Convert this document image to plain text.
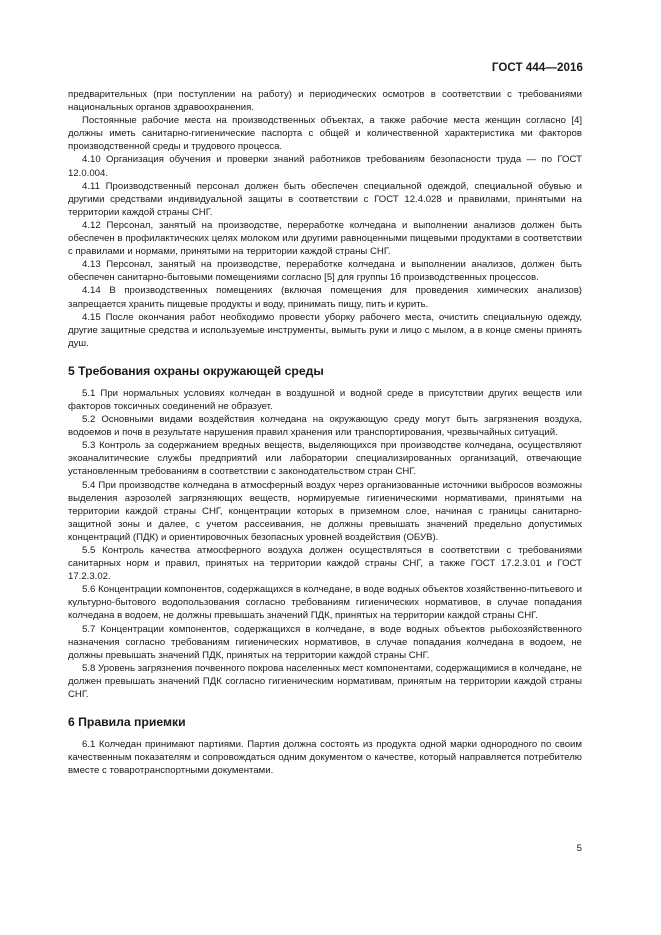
ГОСТ 444—2016

предварительных (при поступлении на работу) и периодических осмотров в соответствии с требованиями национальных органов здравоохранения.

Постоянные рабочие места на производственных объектах, а также рабочие места женщин согласно [4] должны иметь санитарно-гигиенические паспорта с общей и количественной характеристика ми факторов производственной среды и трудового процесса.

4.10 Организация обучения и проверки знаний работников требованиям безопасности труда — по ГОСТ 12.0.004.

4.11 Производственный персонал должен быть обеспечен специальной одеждой, специальной обувью и другими средствами индивидуальной защиты в соответствии с ГОСТ 12.4.028 и правилами, принятыми на территории каждой страны СНГ.

4.12 Персонал, занятый на производстве, переработке колчедана и выполнении анализов должен быть обеспечен в профилактических целях молоком или другими равноценными пищевыми продуктами в соответствии с правилами и нормами, принятыми на территории каждой страны СНГ.

4.13 Персонал, занятый на производстве, переработке колчедана и выполнении анализов, должен быть обеспечен санитарно-бытовыми помещениями согласно [5] для группы 1б производственных процессов.

4.14 В производственных помещениях (включая помещения для проведения химических анализов) запрещается хранить пищевые продукты и воду, принимать пищу, пить и курить.

4.15 После окончания работ необходимо провести уборку рабочего места, очистить специальную одежду, другие защитные средства и используемые инструменты, вымыть руки и лицо с мылом, а в конце смены принять душ.

5 Требования охраны окружающей среды

5.1 При нормальных условиях колчедан в воздушной и водной среде в присутствии других веществ или факторов токсичных соединений не образует.

5.2 Основными видами воздействия колчедана на окружающую среду могут быть загрязнения воздуха, водоемов и почв в результате нарушения правил хранения или транспортирования, чрезвычайных ситуаций.

5.3 Контроль за содержанием вредных веществ, выделяющихся при производстве колчедана, осуществляют экоаналитические службы предприятий или лаборатории специализированных организаций, отвечающие установленным требованиям в соответствии с законодательством стран СНГ.

5.4 При производстве колчедана в атмосферный воздух через организованные источники выбросов возможны выделения аэрозолей загрязняющих веществ, нормируемые гигиеническими нормативами, принятыми на территории каждой страны СНГ, концентрации которых в приземном слое, начиная с границы санитарно-защитной зоны и далее, с учетом рассеивания, не должны превышать значений предельно допустимых концентраций (ПДК) и ориентировочных безопасных уровней воздействия (ОБУВ).

5.5 Контроль качества атмосферного воздуха должен осуществляться в соответствии с требованиями санитарных норм и правил, принятых на территории каждой страны СНГ, а также ГОСТ 17.2.3.01 и ГОСТ 17.2.3.02.

5.6 Концентрации компонентов, содержащихся в колчедане, в воде водных объектов хозяйственно-питьевого и культурно-бытового водопользования согласно требованиям гигиенических нормативов, в случае попадания колчедана в водоем, не должны превышать значений ПДК, принятых на территории каждой страны СНГ.

5.7 Концентрации компонентов, содержащихся в колчедане, в воде водных объектов рыбохозяйственного назначения согласно требованиям гигиенических нормативов, в случае попадания колчедана в водоем, не должны превышать значений ПДК, принятых на территории каждой страны СНГ.

5.8 Уровень загрязнения почвенного покрова населенных мест компонентами, содержащимися в колчедане, не должен превышать значений ПДК согласно гигиеническим нормативам, принятым на территории каждой страны СНГ.

6 Правила приемки

6.1 Колчедан принимают партиями. Партия должна состоять из продукта одной марки однородного по своим качественным показателям и сопровождаться одним документом о качестве, который направляется потребителю вместе с товаротранспортными документами.

5
